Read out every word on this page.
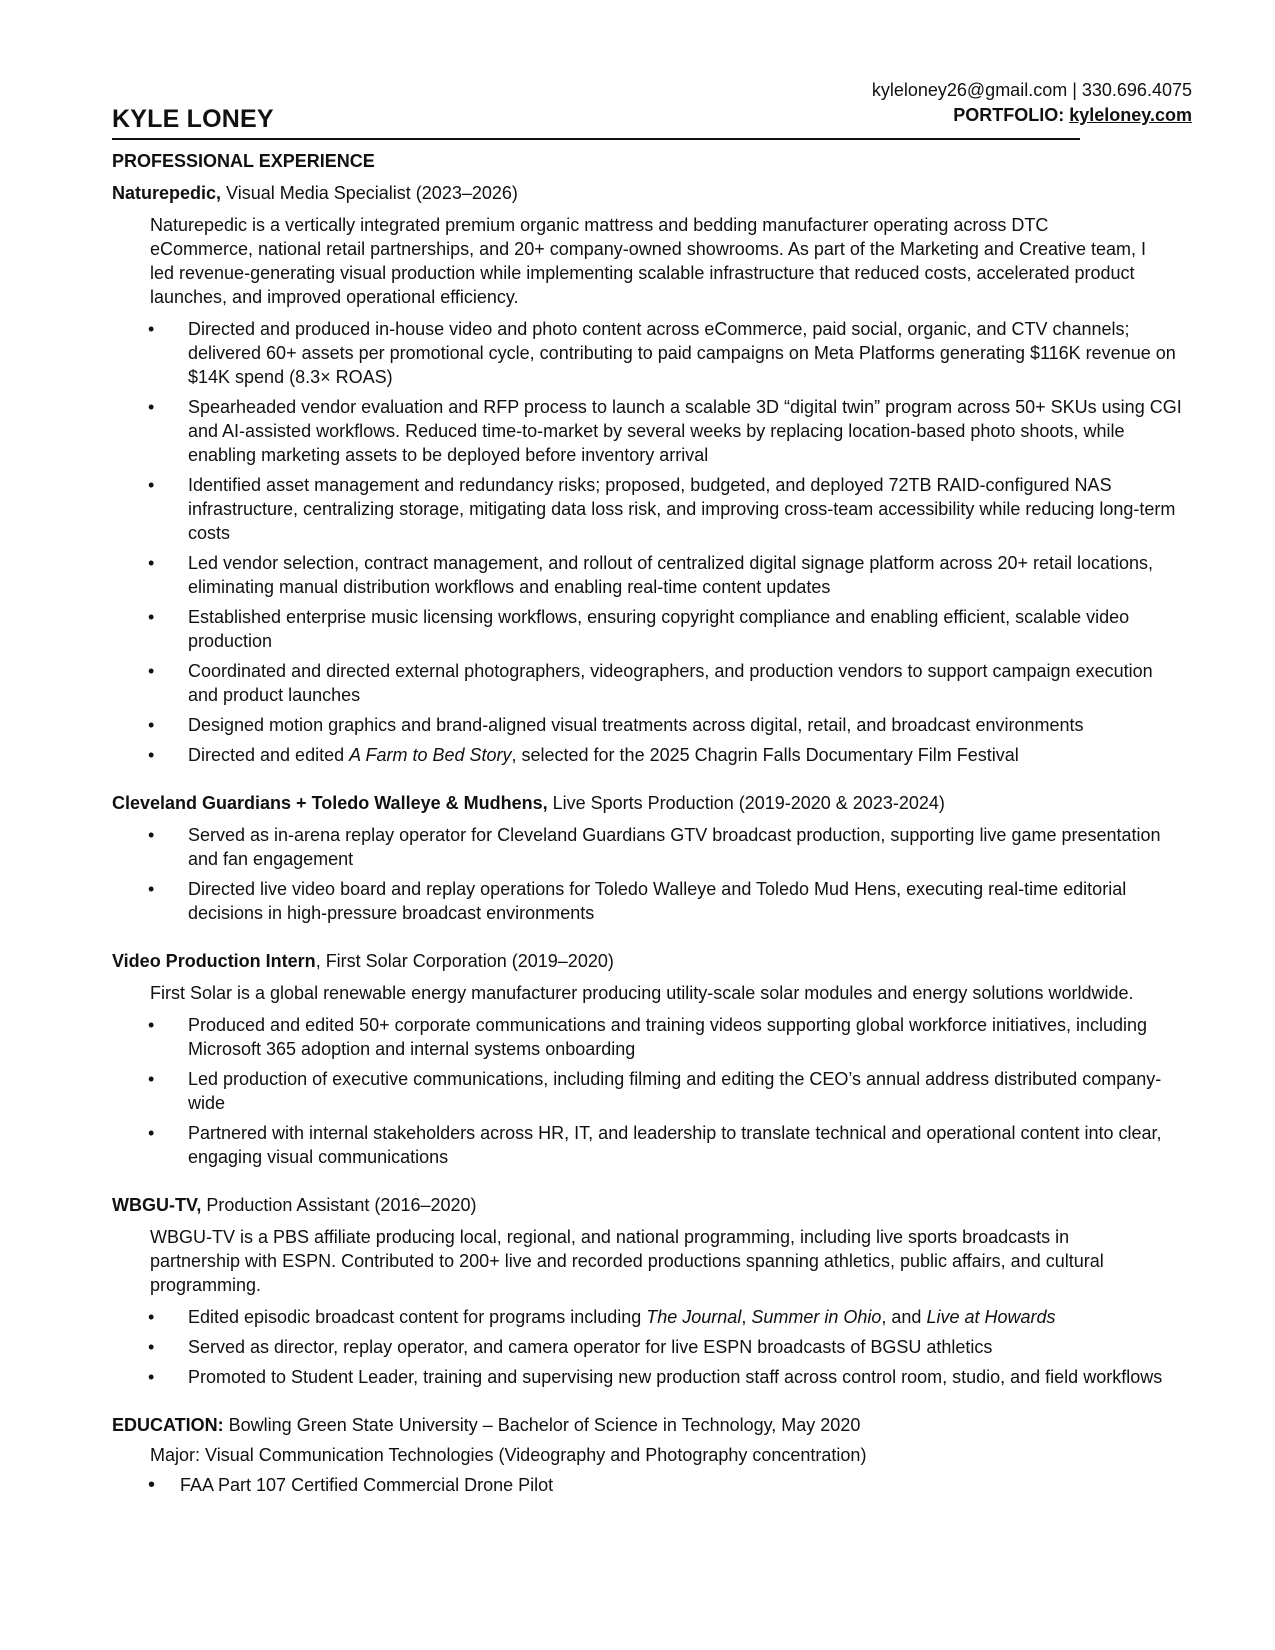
kyleloney26@gmail.com | 330.696.4075
PORTFOLIO: kyleloney.com
KYLE LONEY
PROFESSIONAL EXPERIENCE
Naturepedic, Visual Media Specialist (2023–2026)
Naturepedic is a vertically integrated premium organic mattress and bedding manufacturer operating across DTC eCommerce, national retail partnerships, and 20+ company-owned showrooms. As part of the Marketing and Creative team, I led revenue-generating visual production while implementing scalable infrastructure that reduced costs, accelerated product launches, and improved operational efficiency.
• Directed and produced in-house video and photo content across eCommerce, paid social, organic, and CTV channels; delivered 60+ assets per promotional cycle, contributing to paid campaigns on Meta Platforms generating $116K revenue on $14K spend (8.3× ROAS)
• Spearheaded vendor evaluation and RFP process to launch a scalable 3D “digital twin” program across 50+ SKUs using CGI and AI-assisted workflows. Reduced time-to-market by several weeks by replacing location-based photo shoots, while enabling marketing assets to be deployed before inventory arrival
• Identified asset management and redundancy risks; proposed, budgeted, and deployed 72TB RAID-configured NAS infrastructure, centralizing storage, mitigating data loss risk, and improving cross-team accessibility while reducing long-term costs
• Led vendor selection, contract management, and rollout of centralized digital signage platform across 20+ retail locations, eliminating manual distribution workflows and enabling real-time content updates
• Established enterprise music licensing workflows, ensuring copyright compliance and enabling efficient, scalable video production
• Coordinated and directed external photographers, videographers, and production vendors to support campaign execution and product launches
• Designed motion graphics and brand-aligned visual treatments across digital, retail, and broadcast environments
• Directed and edited A Farm to Bed Story, selected for the 2025 Chagrin Falls Documentary Film Festival
Cleveland Guardians + Toledo Walleye & Mudhens, Live Sports Production (2019-2020 & 2023-2024)
• Served as in-arena replay operator for Cleveland Guardians GTV broadcast production, supporting live game presentation and fan engagement
• Directed live video board and replay operations for Toledo Walleye and Toledo Mud Hens, executing real-time editorial decisions in high-pressure broadcast environments
Video Production Intern, First Solar Corporation (2019–2020)
First Solar is a global renewable energy manufacturer producing utility-scale solar modules and energy solutions worldwide.
• Produced and edited 50+ corporate communications and training videos supporting global workforce initiatives, including Microsoft 365 adoption and internal systems onboarding
• Led production of executive communications, including filming and editing the CEO’s annual address distributed company-wide
• Partnered with internal stakeholders across HR, IT, and leadership to translate technical and operational content into clear, engaging visual communications
WBGU-TV, Production Assistant (2016–2020)
WBGU-TV is a PBS affiliate producing local, regional, and national programming, including live sports broadcasts in partnership with ESPN. Contributed to 200+ live and recorded productions spanning athletics, public affairs, and cultural programming.
• Edited episodic broadcast content for programs including The Journal, Summer in Ohio, and Live at Howards
• Served as director, replay operator, and camera operator for live ESPN broadcasts of BGSU athletics
• Promoted to Student Leader, training and supervising new production staff across control room, studio, and field workflows
EDUCATION: Bowling Green State University – Bachelor of Science in Technology, May 2020
Major: Visual Communication Technologies (Videography and Photography concentration)
• FAA Part 107 Certified Commercial Drone Pilot
